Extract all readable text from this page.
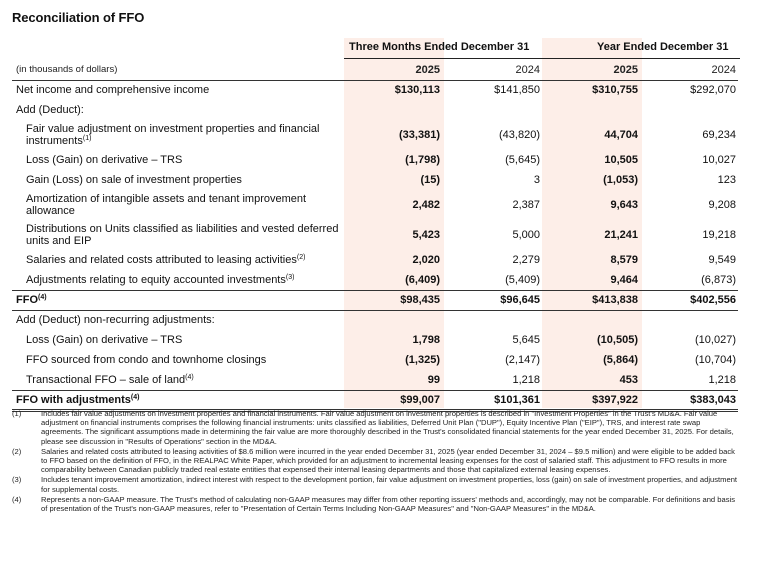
Reconciliation of FFO
Three Months Ended December 31	Year Ended December 31
(in thousands of dollars)	2025	2024	2025	2024
Net income and comprehensive income	$130,113	$141,850	$310,755	$292,070
Add (Deduct):				
Fair value adjustment on investment properties and financial instruments$^{(1)}$	(33,381)	(43,820)	44,704	69,234
Loss (Gain) on derivative – TRS	(1,798)	(5,645)	10,505	10,027
Gain (Loss) on sale of investment properties	(15)	3	(1,053)	123
Amortization of intangible assets and tenant improvement allowance	2,482	2,387	9,643	9,208
Distributions on Units classified as liabilities and vested deferred units and EIP	5,423	5,000	21,241	19,218
Salaries and related costs attributed to leasing activities$^{(2)}$	2,020	2,279	8,579	9,549
Adjustments relating to equity accounted investments$^{(3)}$	(6,409)	(5,409)	9,464	(6,873)
FFO$^{(4)}$	$98,435	$96,645	$413,838	$402,556
Add (Deduct) non-recurring adjustments:				
Loss (Gain) on derivative – TRS	1,798	5,645	(10,505)	(10,027)
FFO sourced from condo and townhome closings	(1,325)	(2,147)	(5,864)	(10,704)
Transactional FFO – sale of land$^{(4)}$	99	1,218	453	1,218
FFO with adjustments$^{(4)}$	$99,007	$101,361	$397,922	$383,043
(1)	Includes fair value adjustments on investment properties and financial instruments. Fair value adjustment on investment properties is described in "Investment Properties" in the Trust's MD&A. Fair value adjustment on financial instruments comprises the following financial instruments: units classified as liabilities, Deferred Unit Plan ("DUP"), Equity Incentive Plan ("EIP"), TRS, and interest rate swap agreements. The significant assumptions made in determining the fair value are more thoroughly described in the Trust's consolidated financial statements for the year ended December 31, 2025. For details, please see discussion in "Results of Operations" section in the MD&A.
(2)	Salaries and related costs attributed to leasing activities of $8.6 million were incurred in the year ended December 31, 2025 (year ended December 31, 2024 – $9.5 million) and were eligible to be added back to FFO based on the definition of FFO, in the REALPAC White Paper, which provided for an adjustment to incremental leasing expenses for the cost of salaried staff. This adjustment to FFO results in more comparability between Canadian publicly traded real estate entities that expensed their internal leasing departments and those that capitalized external leasing expenses.
(3)	Includes tenant improvement amortization, indirect interest with respect to the development portion, fair value adjustment on investment properties, loss (gain) on sale of investment properties, and adjustment for supplemental costs.
(4)	Represents a non-GAAP measure. The Trust's method of calculating non-GAAP measures may differ from other reporting issuers' methods and, accordingly, may not be comparable. For definitions and basis of presentation of the Trust's non-GAAP measures, refer to "Presentation of Certain Terms Including Non-GAAP Measures" and "Non-GAAP Measures" in the MD&A.
